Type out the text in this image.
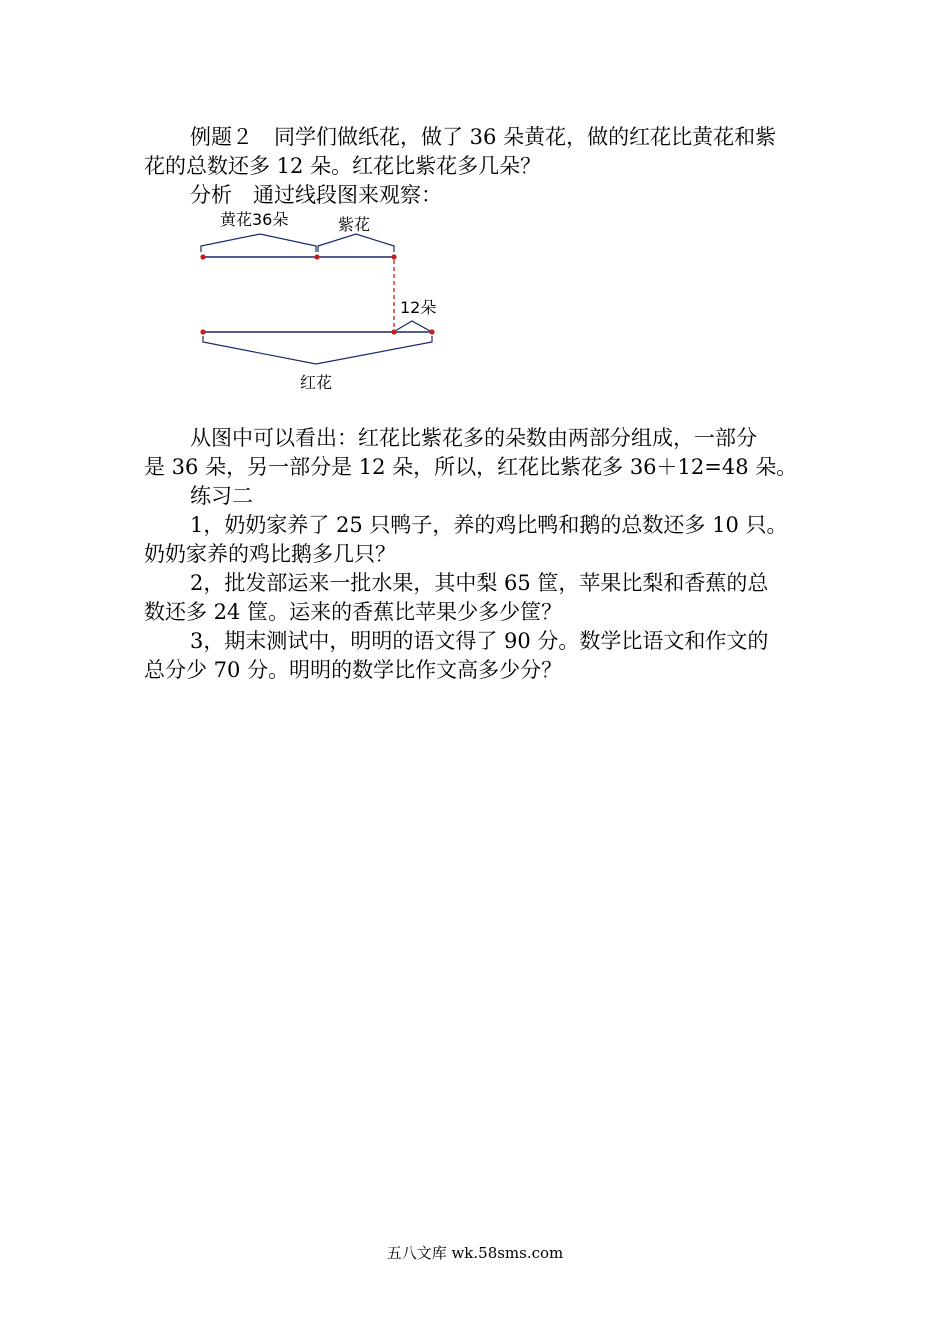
例题２　同学们做纸花，做了 36 朵黄花，做的红花比黄花和紫

花的总数还多 12 朵。红花比紫花多几朵？

分析　通过线段图来观察：

黄花36朵	紫花
12朵
红花

从图中可以看出：红花比紫花多的朵数由两部分组成，一部分

是 36 朵，另一部分是 12 朵，所以，红花比紫花多 36＋12=48 朵。

练习二

1，奶奶家养了 25 只鸭子，养的鸡比鸭和鹅的总数还多 10 只。

奶奶家养的鸡比鹅多几只？

2，批发部运来一批水果，其中梨 65 筐，苹果比梨和香蕉的总

数还多 24 筐。运来的香蕉比苹果少多少筐？

3，期末测试中，明明的语文得了 90 分。数学比语文和作文的

总分少 70 分。明明的数学比作文高多少分？

五八文库 wk.58sms.com
